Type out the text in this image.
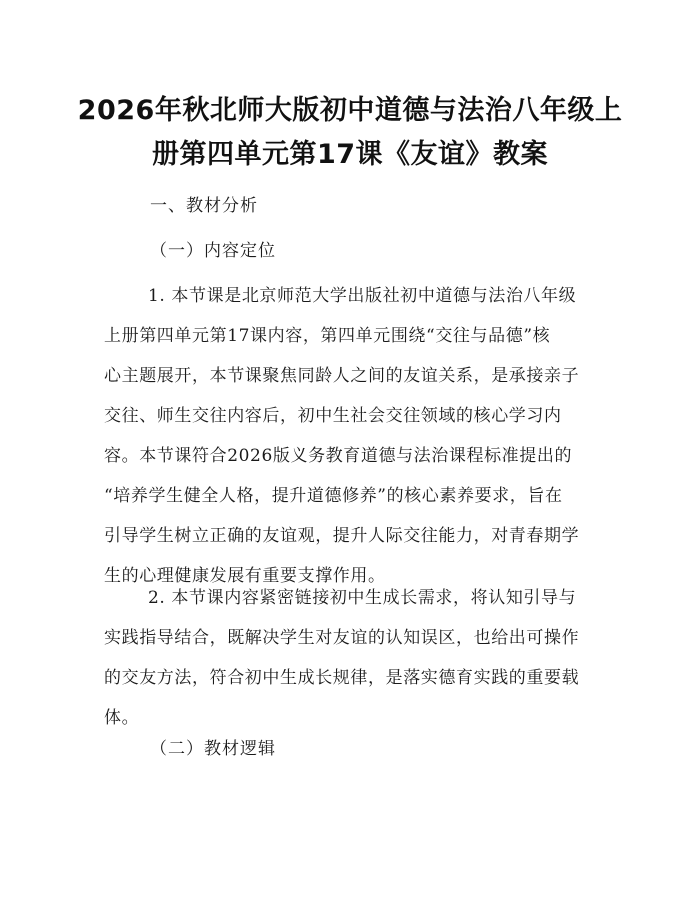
2026年秋北师大版初中道德与法治八年级上
册第四单元第17课《友谊》教案
一、教材分析
（一）内容定位
1. 本节课是北京师范大学出版社初中道德与法治八年级
上册第四单元第17课内容，第四单元围绕“交往与品德”核
心主题展开，本节课聚焦同龄人之间的友谊关系，是承接亲子
交往、师生交往内容后，初中生社会交往领域的核心学习内
容。本节课符合2026版义务教育道德与法治课程标准提出的
“培养学生健全人格，提升道德修养”的核心素养要求，旨在
引导学生树立正确的友谊观，提升人际交往能力，对青春期学
生的心理健康发展有重要支撑作用。
2. 本节课内容紧密链接初中生成长需求，将认知引导与
实践指导结合，既解决学生对友谊的认知误区，也给出可操作
的交友方法，符合初中生成长规律，是落实德育实践的重要载
体。
（二）教材逻辑
